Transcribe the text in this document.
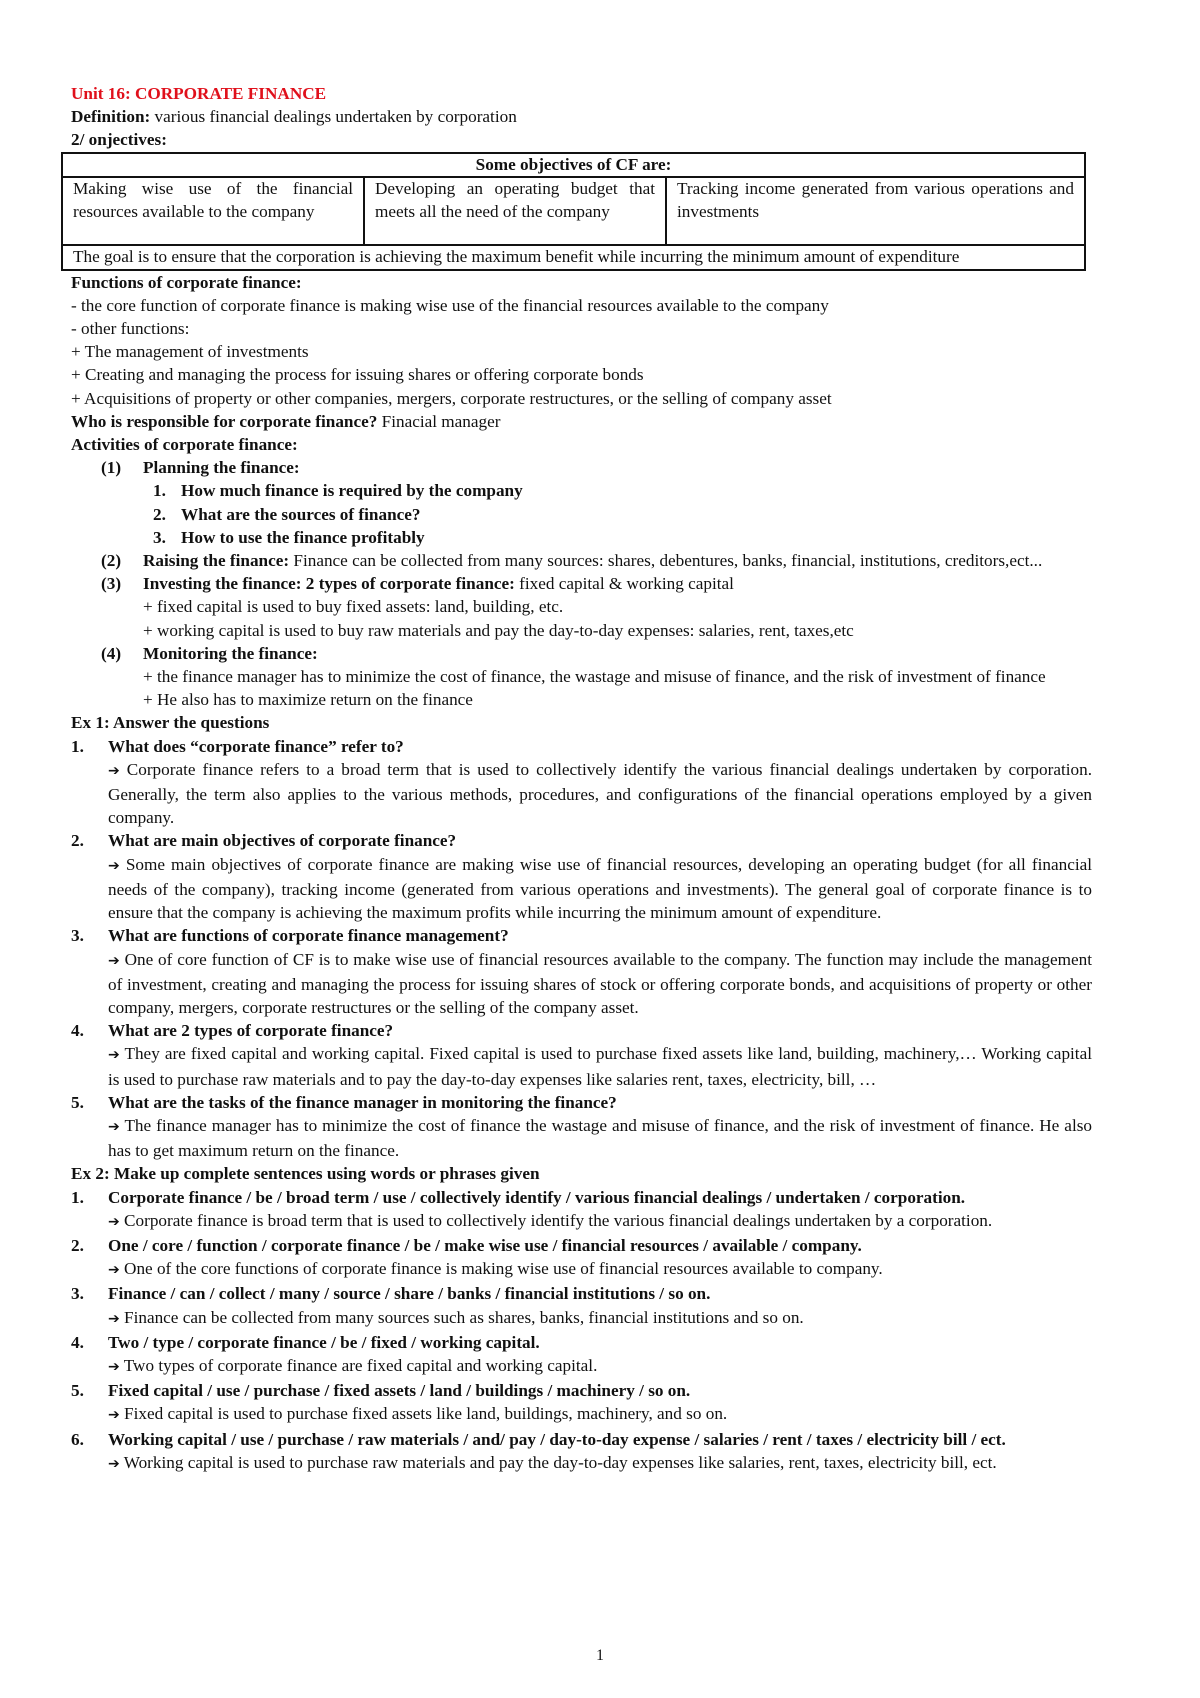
Unit 16: CORPORATE FINANCE
Definition: various financial dealings undertaken by corporation
2/ onjectives:
Some objectives of CF are:
Making wise use of the financial resources available to the company	Developing an operating budget that meets all the need of the company	Tracking income generated from various operations and investments
The goal is to ensure that the corporation is achieving the maximum benefit while incurring the minimum amount of expenditure
Functions of corporate finance:
- the core function of corporate finance is making wise use of the financial resources available to the company
- other functions:
+ The management of investments
+ Creating and managing the process for issuing shares or offering corporate bonds
+ Acquisitions of property or other companies, mergers, corporate restructures, or the selling of company asset
Who is responsible for corporate finance? Finacial manager
Activities of corporate finance:
(1)	Planning the finance:
1. How much finance is required by the company
2. What are the sources of finance?
3. How to use the finance profitably
(2)	Raising the finance: Finance can be collected from many sources: shares, debentures, banks, financial, institutions, creditors,ect...
(3)	Investing the finance: 2 types of corporate finance: fixed capital & working capital
+ fixed capital is used to buy fixed assets: land, building, etc.
+ working capital is used to buy raw materials and pay the day-to-day expenses: salaries, rent, taxes,etc
(4)	Monitoring the finance:
+ the finance manager has to minimize the cost of finance, the wastage and misuse of finance, and the risk of investment of finance
+ He also has to maximize return on the finance
Ex 1: Answer the questions
1.	What does “corporate finance” refer to?
➔ Corporate finance refers to a broad term that is used to collectively identify the various financial dealings undertaken by corporation. Generally, the term also applies to the various methods, procedures, and configurations of the financial operations employed by a given company.
2.	What are main objectives of corporate finance?
➔ Some main objectives of corporate finance are making wise use of financial resources, developing an operating budget (for all financial needs of the company), tracking income (generated from various operations and investments). The general goal of corporate finance is to ensure that the company is achieving the maximum profits while incurring the minimum amount of expenditure.
3.	What are functions of corporate finance management?
➔ One of core function of CF is to make wise use of financial resources available to the company. The function may include the management of investment, creating and managing the process for issuing shares of stock or offering corporate bonds, and acquisitions of property or other company, mergers, corporate restructures or the selling of the company asset.
4.	What are 2 types of corporate finance?
➔ They are fixed capital and working capital. Fixed capital is used to purchase fixed assets like land, building, machinery,… Working capital is used to purchase raw materials and to pay the day-to-day expenses like salaries rent, taxes, electricity, bill, …
5.	What are the tasks of the finance manager in monitoring the finance?
➔ The finance manager has to minimize the cost of finance the wastage and misuse of finance, and the risk of investment of finance. He also has to get maximum return on the finance.
Ex 2: Make up complete sentences using words or phrases given
1.	Corporate finance / be / broad term / use / collectively identify / various financial dealings / undertaken / corporation.
➔ Corporate finance is broad term that is used to collectively identify the various financial dealings undertaken by a corporation.
2.	One / core / function / corporate finance / be / make wise use / financial resources / available / company.
➔ One of the core functions of corporate finance is making wise use of financial resources available to company.
3.	Finance / can / collect / many / source / share / banks / financial institutions / so on.
➔ Finance can be collected from many sources such as shares, banks, financial institutions and so on.
4.	Two / type / corporate finance / be / fixed / working capital.
➔ Two types of corporate finance are fixed capital and working capital.
5.	Fixed capital / use / purchase / fixed assets / land / buildings / machinery / so on.
➔ Fixed capital is used to purchase fixed assets like land, buildings, machinery, and so on.
6.	Working capital / use / purchase / raw materials / and/ pay / day-to-day expense / salaries / rent / taxes / electricity bill / ect.
➔ Working capital is used to purchase raw materials and pay the day-to-day expenses like salaries, rent, taxes, electricity bill, ect.
1
